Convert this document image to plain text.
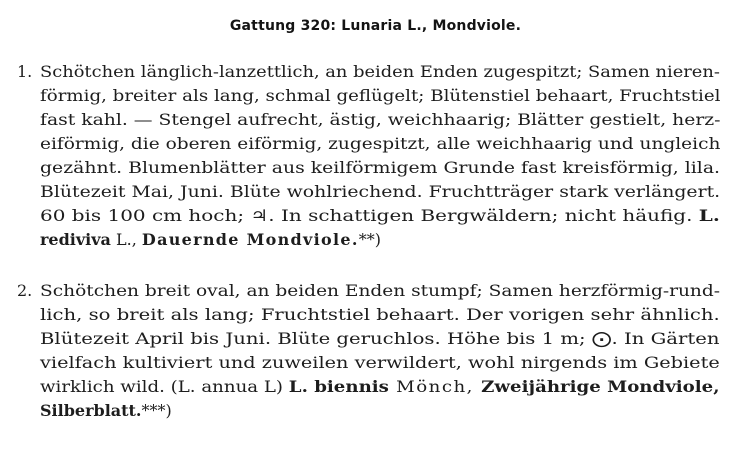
Gattung 320: Lunaria L., Mondviole.
1. Schötchen länglich-lanzettlich, an beiden Enden zugespitzt; Samen nieren-
förmig, breiter als lang, schmal geflügelt; Blütenstiel behaart, Fruchtstiel
fast kahl. — Stengel aufrecht, ästig, weichhaarig; Blätter gestielt, herz-
eiförmig, die oberen eiförmig, zugespitzt, alle weichhaarig und ungleich
gezähnt. Blumenblätter aus keilförmigem Grunde fast kreisförmig, lila.
Blütezeit Mai, Juni. Blüte wohlriechend. Fruchtträger stark verlängert.
60 bis 100 cm hoch; ♃. In schattigen Bergwäldern; nicht häufig. L.
rediviva L., Dauernde Mondviole.**)
2. Schötchen breit oval, an beiden Enden stumpf; Samen herzförmig-rund-
lich, so breit als lang; Fruchtstiel behaart. Der vorigen sehr ähnlich.
Blütezeit April bis Juni. Blüte geruchlos. Höhe bis 1 m; ⨀. In Gärten
vielfach kultiviert und zuweilen verwildert, wohl nirgends im Gebiete
wirklich wild. (L. annua L) L. biennis Mönch, Zweijährige Mondviole,
Silberblatt.***)
